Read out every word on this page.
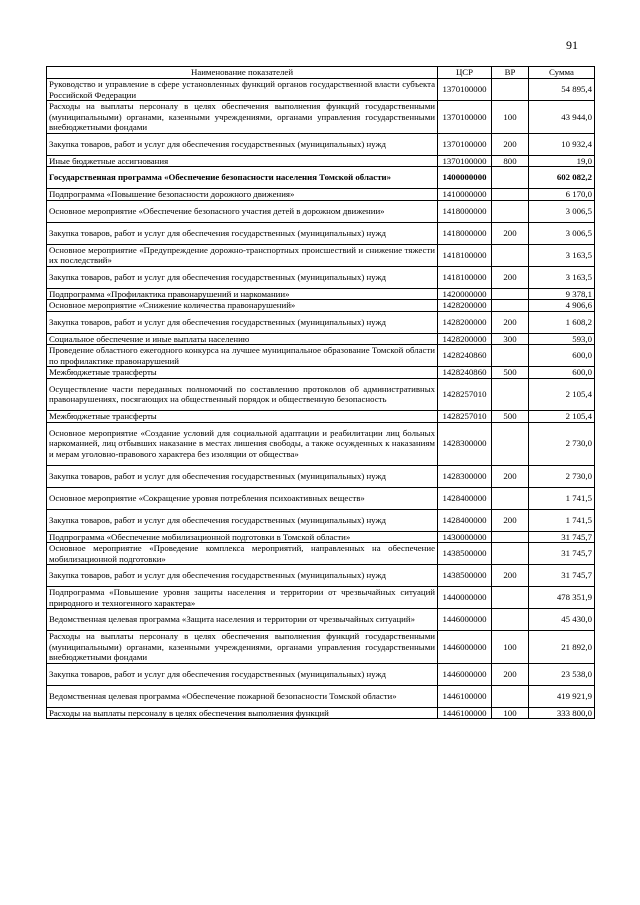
91
Наименование показателей	ЦСР	ВР	Сумма
Руководство и управление в сфере установленных функций органов государственной власти субъекта Российской Федерации	1370100000		54 895,4
Расходы на выплаты персоналу в целях обеспечения выполнения функций государственными (муниципальными) органами, казенными учреждениями, органами управления государственными внебюджетными фондами	1370100000	100	43 944,0
Закупка товаров, работ и услуг для обеспечения государственных (муниципальных) нужд	1370100000	200	10 932,4
Иные бюджетные ассигнования	1370100000	800	19,0
Государственная программа «Обеспечение безопасности населения Томской области»	1400000000		602 082,2
Подпрограмма «Повышение безопасности дорожного движения»	1410000000		6 170,0
Основное мероприятие «Обеспечение безопасного участия детей в дорожном движении»	1418000000		3 006,5
Закупка товаров, работ и услуг для обеспечения государственных (муниципальных) нужд	1418000000	200	3 006,5
Основное мероприятие «Предупреждение дорожно-транспортных происшествий и снижение тяжести их последствий»	1418100000		3 163,5
Закупка товаров, работ и услуг для обеспечения государственных (муниципальных) нужд	1418100000	200	3 163,5
Подпрограмма «Профилактика правонарушений и наркомании»	1420000000		9 378,1
Основное мероприятие «Снижение количества правонарушений»	1428200000		4 906,6
Закупка товаров, работ и услуг для обеспечения государственных (муниципальных) нужд	1428200000	200	1 608,2
Социальное обеспечение и иные выплаты населению	1428200000	300	593,0
Проведение областного ежегодного конкурса на лучшее муниципальное образование Томской области по профилактике правонарушений	1428240860		600,0
Межбюджетные трансферты	1428240860	500	600,0
Осуществление части переданных полномочий по составлению протоколов об административных правонарушениях, посягающих на общественный порядок и общественную безопасность	1428257010		2 105,4
Межбюджетные трансферты	1428257010	500	2 105,4
Основное мероприятие «Создание условий для социальной адаптации и реабилитации лиц больных наркоманией, лиц отбывших наказание в местах лишения свободы, а также осужденных к наказаниям и мерам уголовно-правового характера без изоляции от общества»	1428300000		2 730,0
Закупка товаров, работ и услуг для обеспечения государственных (муниципальных) нужд	1428300000	200	2 730,0
Основное мероприятие «Сокращение уровня потребления психоактивных веществ»	1428400000		1 741,5
Закупка товаров, работ и услуг для обеспечения государственных (муниципальных) нужд	1428400000	200	1 741,5
Подпрограмма «Обеспечение мобилизационной подготовки в Томской области»	1430000000		31 745,7
Основное мероприятие «Проведение комплекса мероприятий, направленных на обеспечение мобилизационной подготовки»	1438500000		31 745,7
Закупка товаров, работ и услуг для обеспечения государственных (муниципальных) нужд	1438500000	200	31 745,7
Подпрограмма «Повышение уровня защиты населения и территории от чрезвычайных ситуаций природного и техногенного характера»	1440000000		478 351,9
Ведомственная целевая программа «Защита населения и территории от чрезвычайных ситуаций»	1446000000		45 430,0
Расходы на выплаты персоналу в целях обеспечения выполнения функций государственными (муниципальными) органами, казенными учреждениями, органами управления государственными внебюджетными фондами	1446000000	100	21 892,0
Закупка товаров, работ и услуг для обеспечения государственных (муниципальных) нужд	1446000000	200	23 538,0
Ведомственная целевая программа «Обеспечение пожарной безопасности Томской области»	1446100000		419 921,9
Расходы на выплаты персоналу в целях обеспечения выполнения функций	1446100000	100	333 800,0
